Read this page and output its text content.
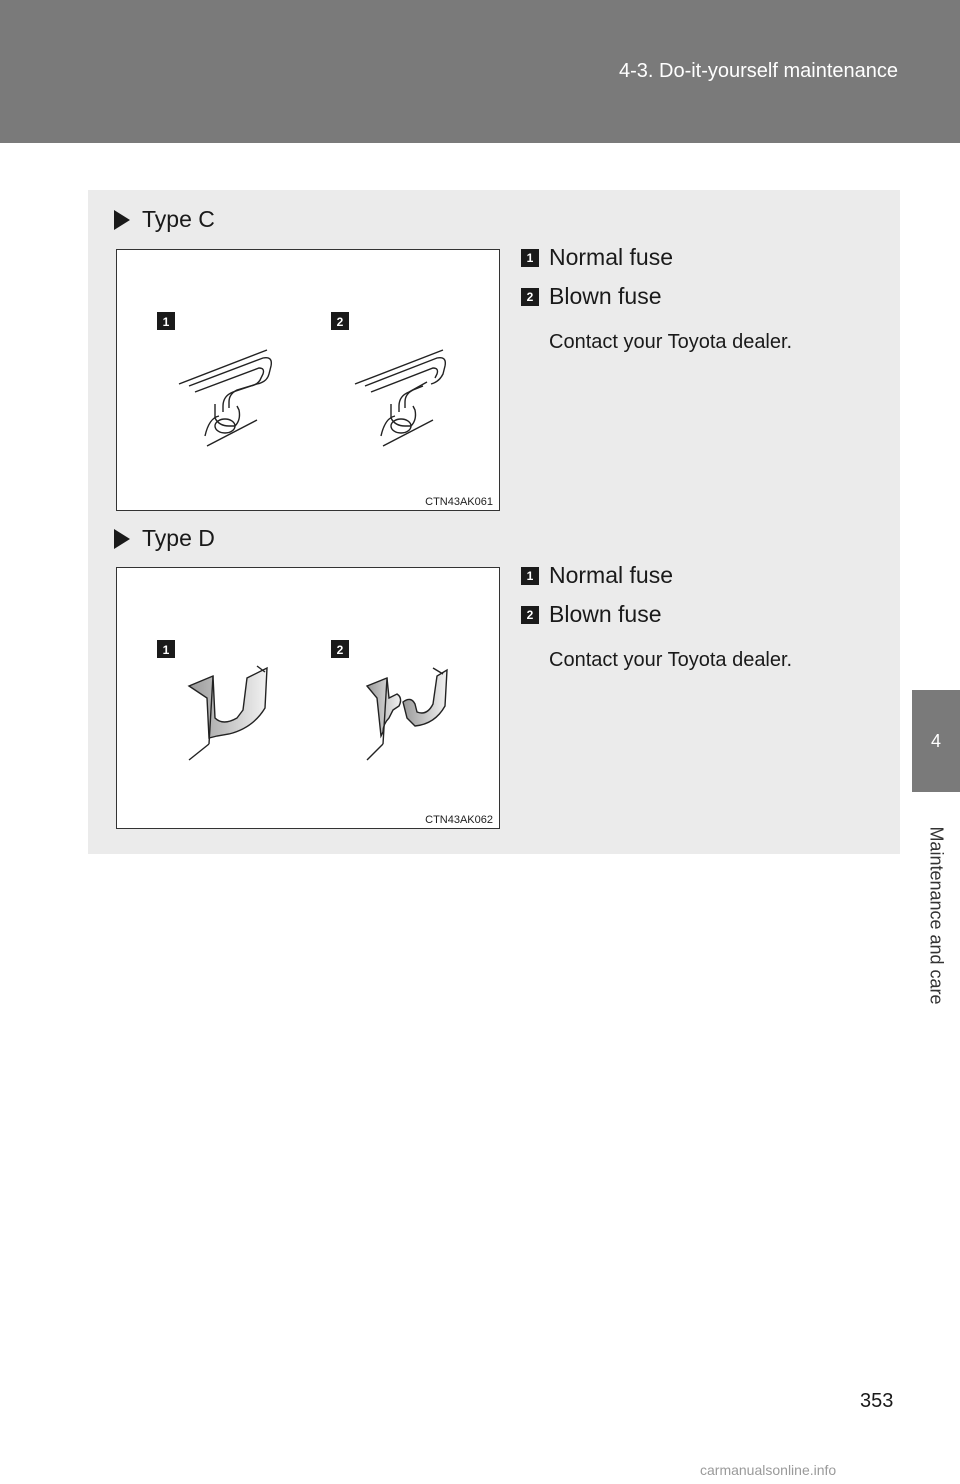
4-3. Do-it-yourself maintenance
4
Maintenance and care
Type C
1	2
CTN43AK061
1 Normal fuse
2 Blown fuse
Contact your Toyota dealer.
Type D
1	2
CTN43AK062
1 Normal fuse
2 Blown fuse
Contact your Toyota dealer.
353
carmanualsonline.info
